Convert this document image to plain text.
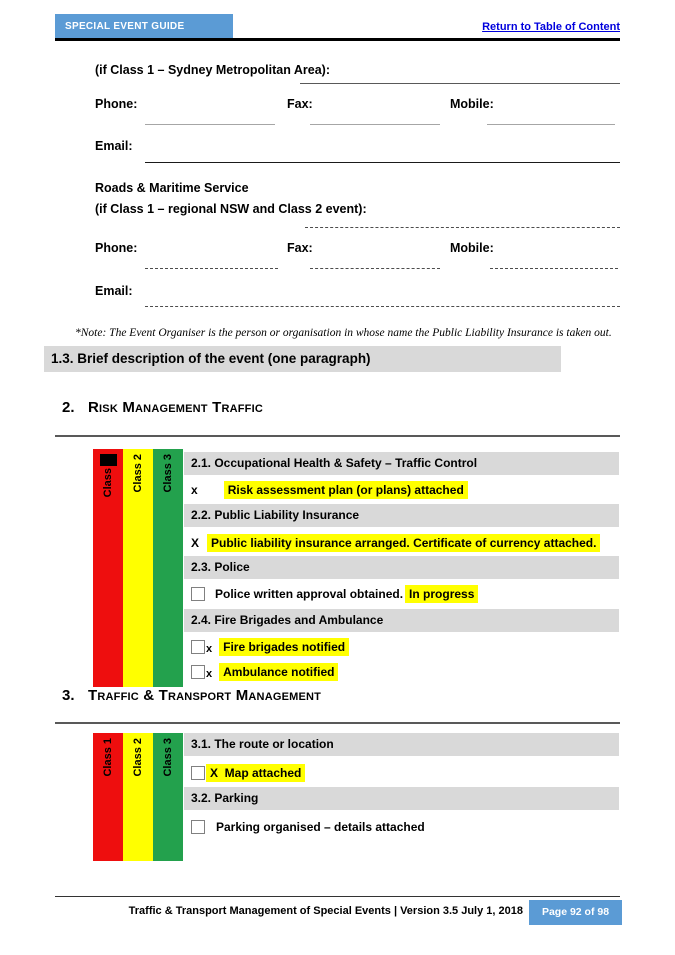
SPECIAL EVENT GUIDE	Return to Table of Content
(if Class 1 – Sydney Metropolitan Area):
Phone:	Fax:	Mobile:
Email:
Roads & Maritime Service
(if Class 1 – regional NSW and Class 2 event):
Phone:	Fax:	Mobile:
Email:
*Note: The Event Organiser is the person or organisation in whose name the Public Liability Insurance is taken out.
1.3. Brief description of the event (one paragraph)
2. Risk Management Traffic
Class Class 2 Class 3	2.1. Occupational Health & Safety – Traffic Control
x	Risk assessment plan (or plans) attached
2.2. Public Liability Insurance
X	Public liability insurance arranged. Certificate of currency attached.
2.3. Police
Police written approval obtained. In progress
2.4. Fire Brigades and Ambulance
x Fire brigades notified
x Ambulance notified
3. Traffic & Transport Management
Class 1 Class 2 Class 3	3.1. The route or location
X  Map attached
3.2. Parking
Parking organised – details attached
Traffic & Transport Management of Special Events | Version 3.5 July 1, 2018	Page 92 of 98
